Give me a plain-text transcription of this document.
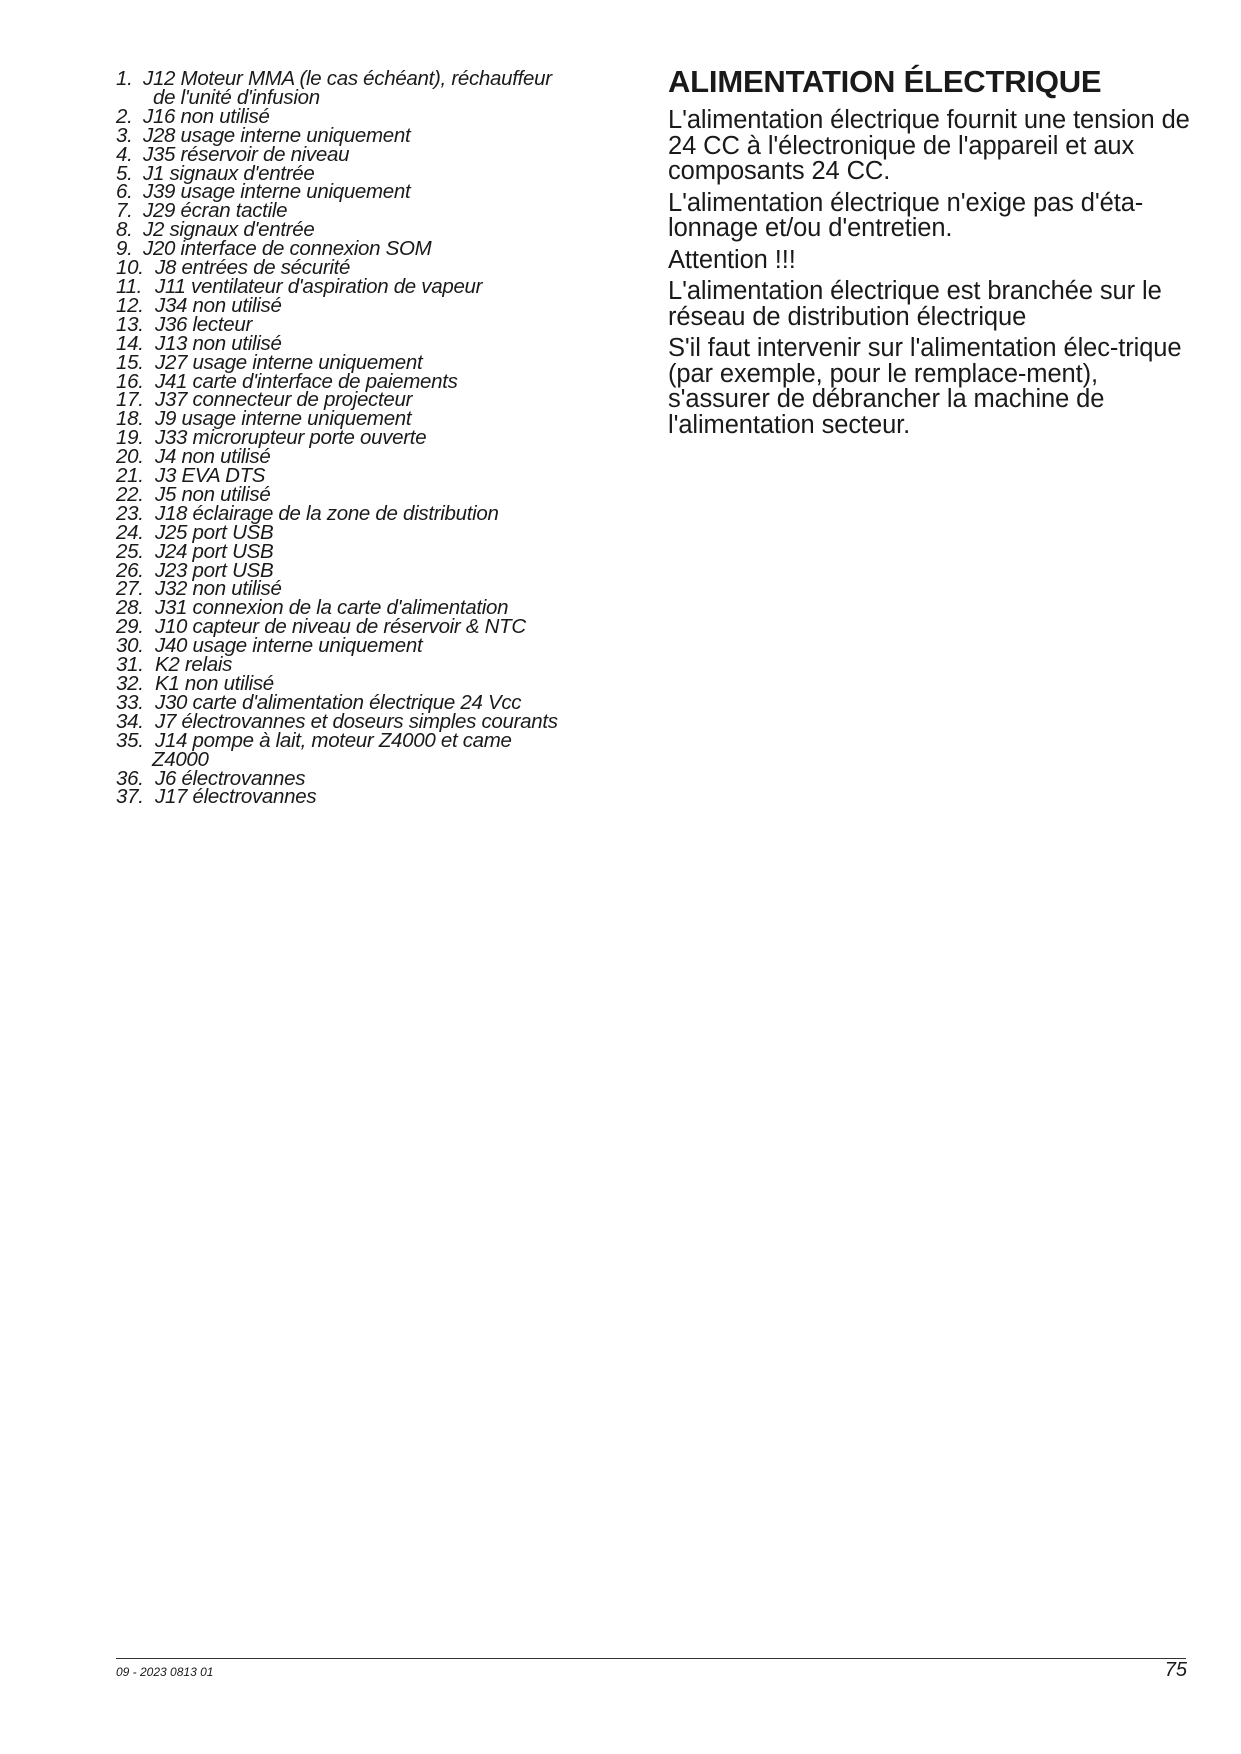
1. J12 Moteur MMA (le cas échéant), réchauffeur
de l'unité d'infusion
2. J16 non utilisé
3. J28 usage interne uniquement
4. J35 réservoir de niveau
5. J1 signaux d'entrée
6. J39 usage interne uniquement
7. J29 écran tactile
8. J2 signaux d'entrée
9. J20 interface de connexion SOM
10. J8 entrées de sécurité
11. J11 ventilateur d'aspiration de vapeur
12. J34 non utilisé
13. J36 lecteur
14. J13 non utilisé
15. J27 usage interne uniquement
16. J41 carte d'interface de paiements
17. J37 connecteur de projecteur
18. J9 usage interne uniquement
19. J33 microrupteur porte ouverte
20. J4 non utilisé
21. J3 EVA DTS
22. J5 non utilisé
23. J18 éclairage de la zone de distribution
24. J25 port USB
25. J24 port USB
26. J23 port USB
27. J32 non utilisé
28. J31 connexion de la carte d'alimentation
29. J10 capteur de niveau de réservoir & NTC
30. J40 usage interne uniquement
31. K2 relais
32. K1 non utilisé
33. J30 carte d'alimentation électrique 24 Vcc
34. J7 électrovannes et doseurs simples courants
35. J14 pompe à lait, moteur Z4000 et came
Z4000
36. J6 électrovannes
37. J17 électrovannes
ALIMENTATION ÉLECTRIQUE

L'alimentation électrique fournit une tension de 24 CC à l'électronique de l'appareil et aux composants 24 CC.

L'alimentation électrique n'exige pas d'éta-lonnage et/ou d'entretien.

Attention !!!

L'alimentation électrique est branchée sur le réseau de distribution électrique

S'il faut intervenir sur l'alimentation élec-trique (par exemple, pour le remplace-ment), s'assurer de débrancher la machine de l'alimentation secteur.

09 - 2023 0813 01	75
